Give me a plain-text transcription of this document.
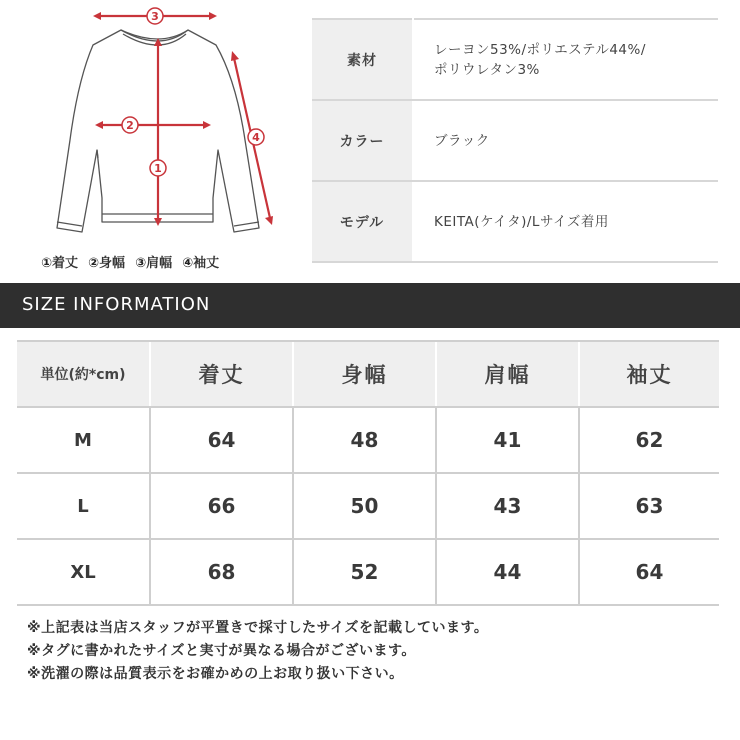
3
2
1
4
①着丈 ②身幅 ③肩幅 ④袖丈
素材	レーヨン53%/ポリエステル44%/
ポリウレタン3%

カラー	ブラック

モデル	KEITA(ケイタ)/Lサイズ着用
SIZE INFORMATION
単位(約*cm)	着丈	身幅	肩幅	袖丈
M	64	48	41	62
L	66	50	43	63
XL	68	52	44	64
※上記表は当店スタッフが平置きで採寸したサイズを記載しています。
※タグに書かれたサイズと実寸が異なる場合がございます。
※洗濯の際は品質表示をお確かめの上お取り扱い下さい。
